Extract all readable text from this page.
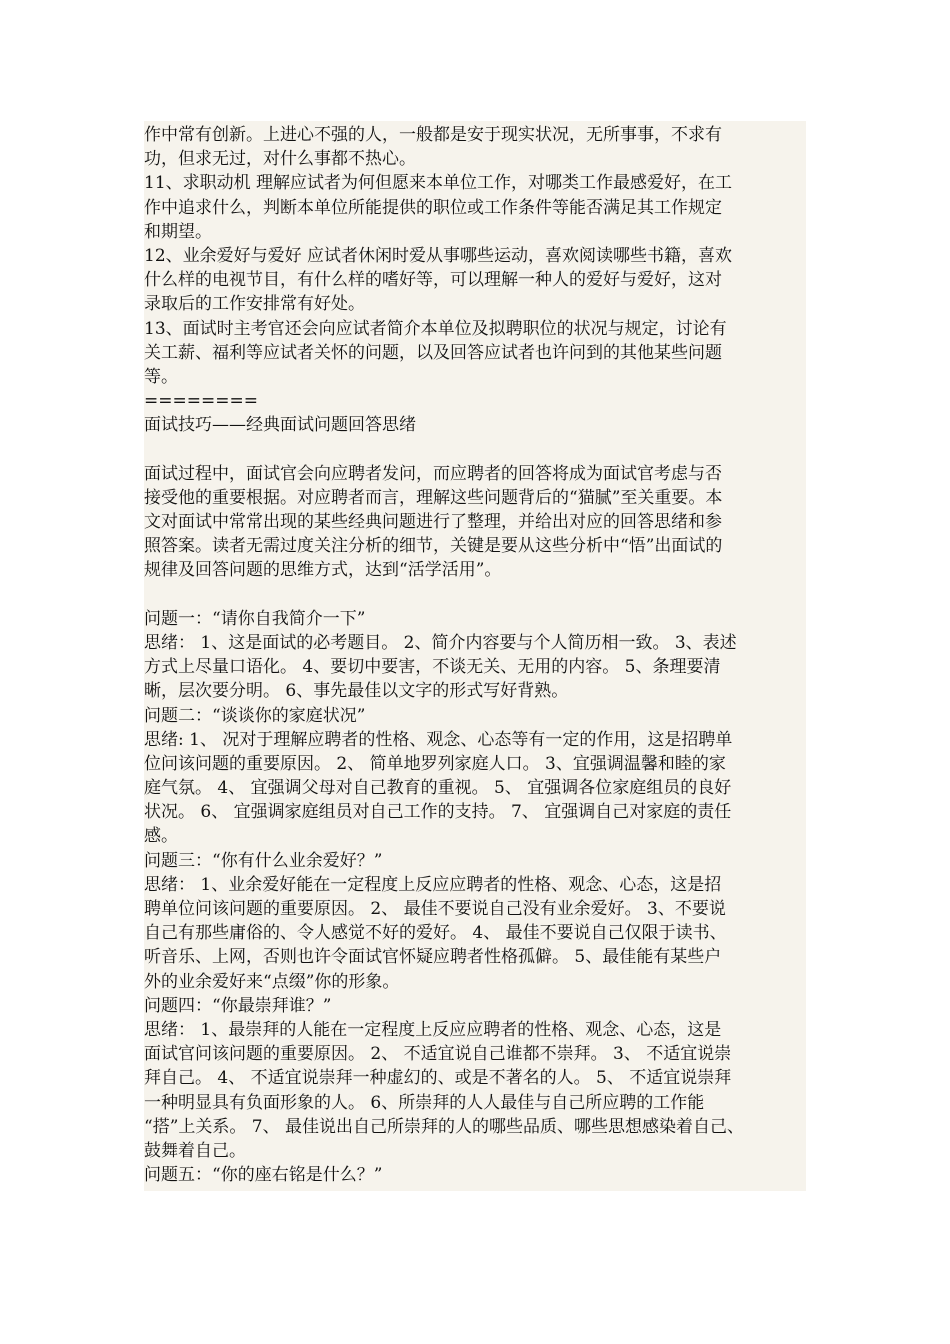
作中常有创新。上进心不强的人，一般都是安于现实状况，无所事事，不求有
功，但求无过，对什么事都不热心。
11、求职动机 理解应试者为何但愿来本单位工作，对哪类工作最感爱好，在工
作中追求什么，判断本单位所能提供的职位或工作条件等能否满足其工作规定
和期望。
12、业余爱好与爱好 应试者休闲时爱从事哪些运动，喜欢阅读哪些书籍，喜欢
什么样的电视节目，有什么样的嗜好等，可以理解一种人的爱好与爱好，这对
录取后的工作安排常有好处。
13、面试时主考官还会向应试者简介本单位及拟聘职位的状况与规定，讨论有
关工薪、福利等应试者关怀的问题，以及回答应试者也许问到的其他某些问题
等。
========
面试技巧——经典面试问题回答思绪
面试过程中，面试官会向应聘者发问，而应聘者的回答将成为面试官考虑与否
接受他的重要根据。对应聘者而言，理解这些问题背后的“猫腻”至关重要。本
文对面试中常常出现的某些经典问题进行了整理，并给出对应的回答思绪和参
照答案。读者无需过度关注分析的细节，关键是要从这些分析中“悟”出面试的
规律及回答问题的思维方式，达到“活学活用”。
问题一：“请你自我简介一下”
思绪： 1、这是面试的必考题目。 2、简介内容要与个人简历相一致。 3、表述
方式上尽量口语化。 4、要切中要害，不谈无关、无用的内容。 5、条理要清
晰，层次要分明。 6、事先最佳以文字的形式写好背熟。
问题二：“谈谈你的家庭状况”
思绪: 1、 况对于理解应聘者的性格、观念、心态等有一定的作用，这是招聘单
位问该问题的重要原因。 2、 简单地罗列家庭人口。 3、宜强调温馨和睦的家
庭气氛。 4、 宜强调父母对自己教育的重视。 5、 宜强调各位家庭组员的良好
状况。 6、 宜强调家庭组员对自己工作的支持。 7、 宜强调自己对家庭的责任
感。
问题三：“你有什么业余爱好？”
思绪： 1、业余爱好能在一定程度上反应应聘者的性格、观念、心态，这是招
聘单位问该问题的重要原因。 2、 最佳不要说自己没有业余爱好。 3、不要说
自己有那些庸俗的、令人感觉不好的爱好。 4、 最佳不要说自己仅限于读书、
听音乐、上网，否则也许令面试官怀疑应聘者性格孤僻。 5、最佳能有某些户
外的业余爱好来“点缀”你的形象。
问题四：“你最崇拜谁？”
思绪： 1、最崇拜的人能在一定程度上反应应聘者的性格、观念、心态，这是
面试官问该问题的重要原因。 2、 不适宜说自己谁都不崇拜。 3、 不适宜说崇
拜自己。 4、 不适宜说崇拜一种虚幻的、或是不著名的人。 5、 不适宜说崇拜
一种明显具有负面形象的人。 6、所崇拜的人人最佳与自己所应聘的工作能
“搭”上关系。 7、 最佳说出自己所崇拜的人的哪些品质、哪些思想感染着自己、
鼓舞着自己。
问题五：“你的座右铭是什么？”
